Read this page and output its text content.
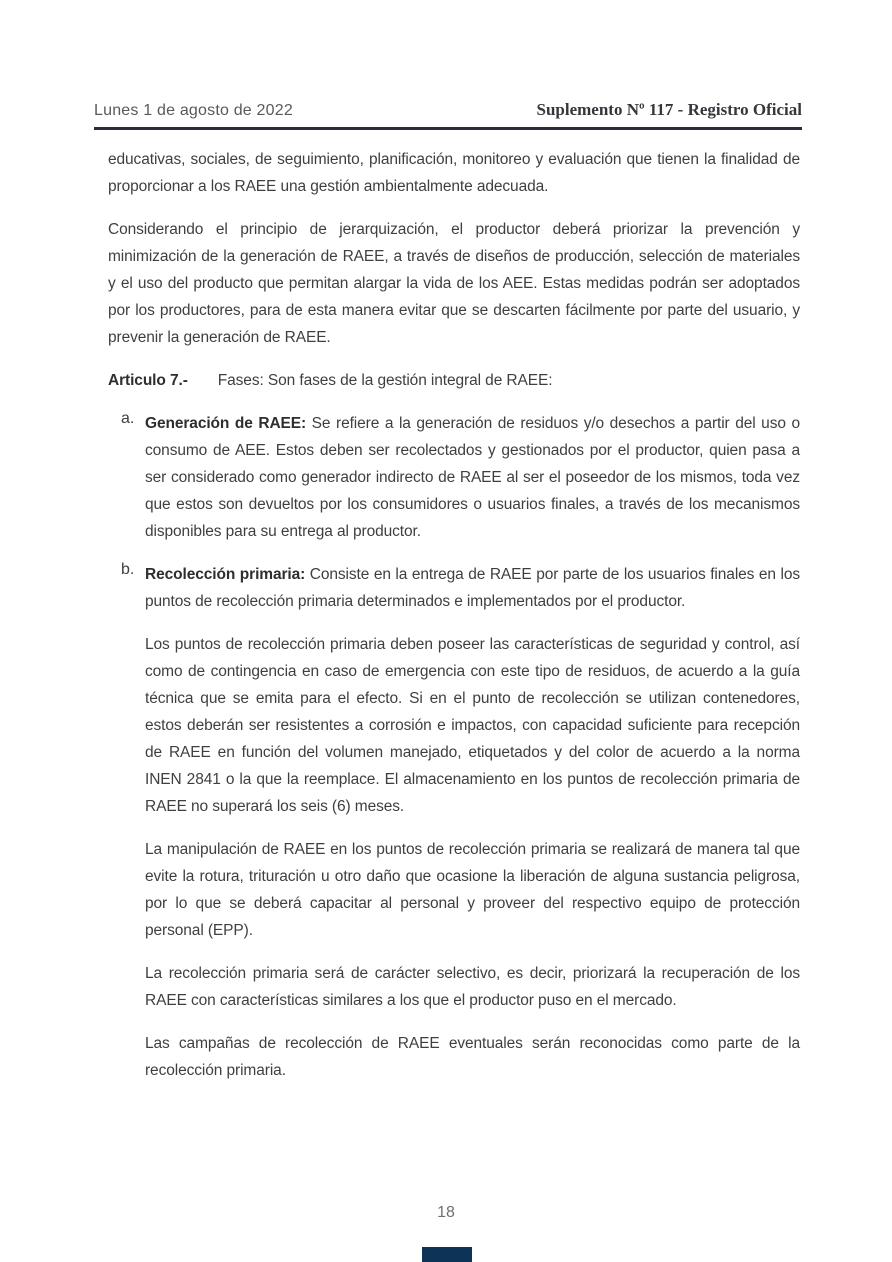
Lunes 1 de agosto de 2022	Suplemento Nº 117 - Registro Oficial

educativas, sociales, de seguimiento, planificación, monitoreo y evaluación que tienen la finalidad de proporcionar a los RAEE una gestión ambientalmente adecuada.

Considerando el principio de jerarquización, el productor deberá priorizar la prevención y minimización de la generación de RAEE, a través de diseños de producción, selección de materiales y el uso del producto que permitan alargar la vida de los AEE. Estas medidas podrán ser adoptados por los productores, para de esta manera evitar que se descarten fácilmente por parte del usuario, y prevenir la generación de RAEE.

Articulo 7.- Fases: Son fases de la gestión integral de RAEE:

a. Generación de RAEE: Se refiere a la generación de residuos y/o desechos a partir del uso o consumo de AEE. Estos deben ser recolectados y gestionados por el productor, quien pasa a ser considerado como generador indirecto de RAEE al ser el poseedor de los mismos, toda vez que estos son devueltos por los consumidores o usuarios finales, a través de los mecanismos disponibles para su entrega al productor.

b. Recolección primaria: Consiste en la entrega de RAEE por parte de los usuarios finales en los puntos de recolección primaria determinados e implementados por el productor.

Los puntos de recolección primaria deben poseer las características de seguridad y control, así como de contingencia en caso de emergencia con este tipo de residuos, de acuerdo a la guía técnica que se emita para el efecto. Si en el punto de recolección se utilizan contenedores, estos deberán ser resistentes a corrosión e impactos, con capacidad suficiente para recepción de RAEE en función del volumen manejado, etiquetados y del color de acuerdo a la norma INEN 2841 o la que la reemplace. El almacenamiento en los puntos de recolección primaria de RAEE no superará los seis (6) meses.

La manipulación de RAEE en los puntos de recolección primaria se realizará de manera tal que evite la rotura, trituración u otro daño que ocasione la liberación de alguna sustancia peligrosa, por lo que se deberá capacitar al personal y proveer del respectivo equipo de protección personal (EPP).

La recolección primaria será de carácter selectivo, es decir, priorizará la recuperación de los RAEE con características similares a los que el productor puso en el mercado.

Las campañas de recolección de RAEE eventuales serán reconocidas como parte de la recolección primaria.

18
